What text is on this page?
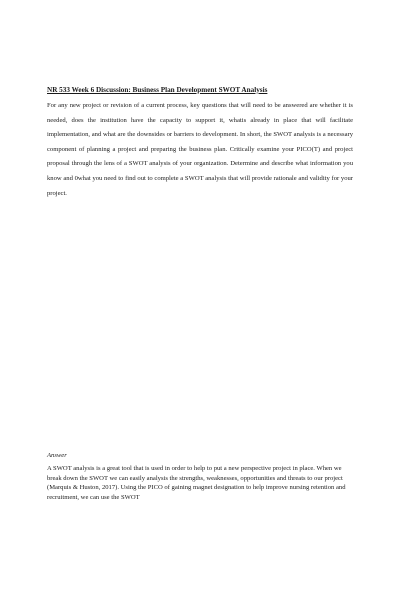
NR 533 Week 6 Discussion: Business Plan Development SWOT Analysis

For any new project or revision of a current process, key questions that will need to be answered are whether it is needed, does the institution have the capacity to support it, whatis already in place that will facilitate implementation, and what are the downsides or barriers to development. In short, the SWOT analysis is a necessary component of planning a project and preparing the business plan. Critically examine your PICO(T) and project proposal through the lens of a SWOT analysis of your organization. Determine and describe what information you know and 0what you need to find out to complete a SWOT analysis that will provide rationale and validity for your project.

Answer

A SWOT analysis is a great tool that is used in order to help to put a new perspective project in place. When we break down the SWOT we can easily analysis the strengths, weaknesses, opportunities and threats to our project (Marquis & Huston, 2017). Using the PICO of gaining magnet designation to help improve nursing retention and recruitment, we can use the SWOT
